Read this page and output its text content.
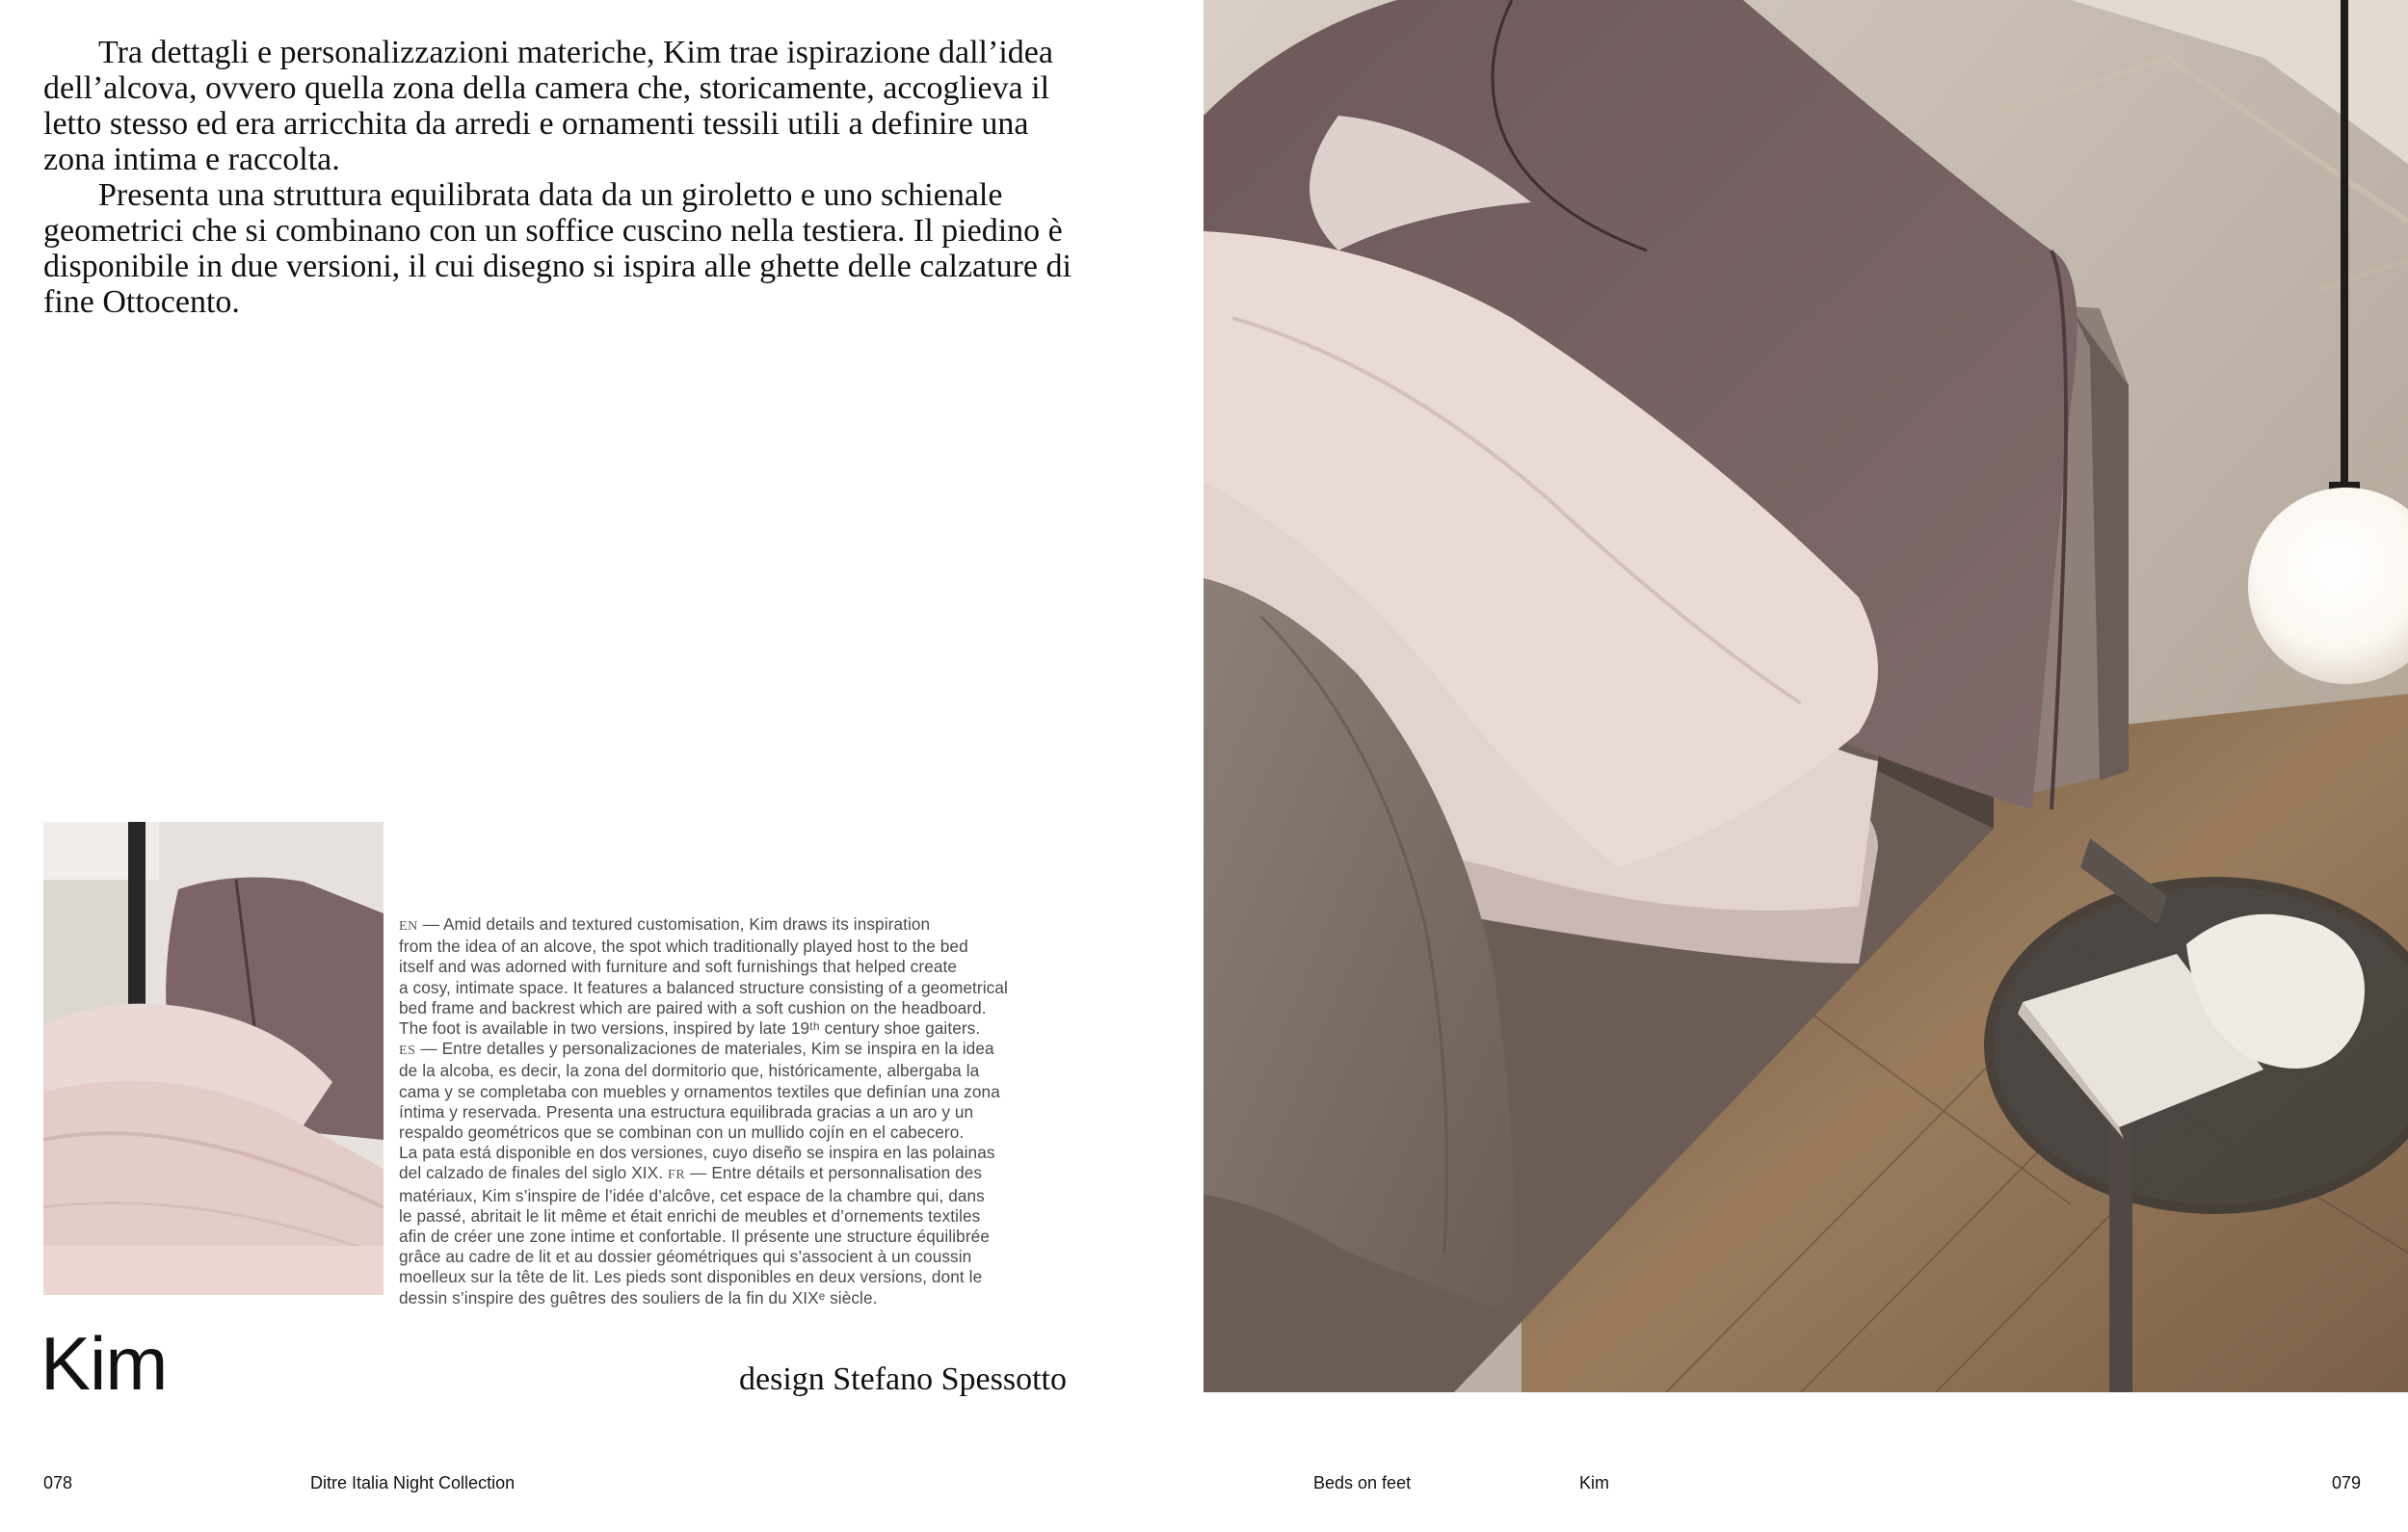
Tra dettagli e personalizzazioni materiche, Kim trae ispirazione dall’idea dell’alcova, ovvero quella zona della camera che, storicamente, accoglieva il letto stesso ed era arricchita da arredi e ornamenti tessili utili a definire una zona intima e raccolta.

Presenta una struttura equilibrata data da un giroletto e uno schienale geometrici che si combinano con un soffice cuscino nella testiera. Il piedino è disponibile in due versioni, il cui disegno si ispira alle ghette delle calzature di fine Ottocento.

EN — Amid details and textured customisation, Kim draws its inspiration
from the idea of an alcove, the spot which traditionally played host to the bed
itself and was adorned with furniture and soft furnishings that helped create
a cosy, intimate space. It features a balanced structure consisting of a geometrical
bed frame and backrest which are paired with a soft cushion on the headboard.
The foot is available in two versions, inspired by late 19ᵗʰ century shoe gaiters.
ES — Entre detalles y personalizaciones de materiales, Kim se inspira en la idea
de la alcoba, es decir, la zona del dormitorio que, históricamente, albergaba la
cama y se completaba con muebles y ornamentos textiles que definían una zona
íntima y reservada. Presenta una estructura equilibrada gracias a un aro y un
respaldo geométricos que se combinan con un mullido cojín en el cabecero.
La pata está disponible en dos versiones, cuyo diseño se inspira en las polainas
del calzado de finales del siglo XIX. FR — Entre détails et personnalisation des
matériaux, Kim s’inspire de l’idée d’alcôve, cet espace de la chambre qui, dans
le passé, abritait le lit même et était enrichi de meubles et d’ornements textiles
afin de créer une zone intime et confortable. Il présente une structure équilibrée
grâce au cadre de lit et au dossier géométriques qui s’associent à un coussin
moelleux sur la tête de lit. Les pieds sont disponibles en deux versions, dont le
dessin s’inspire des guêtres des souliers de la fin du XIXᵉ siècle.
Kim	design Stefano Spessotto
078	Ditre Italia Night Collection	Beds on feet	Kim	079
